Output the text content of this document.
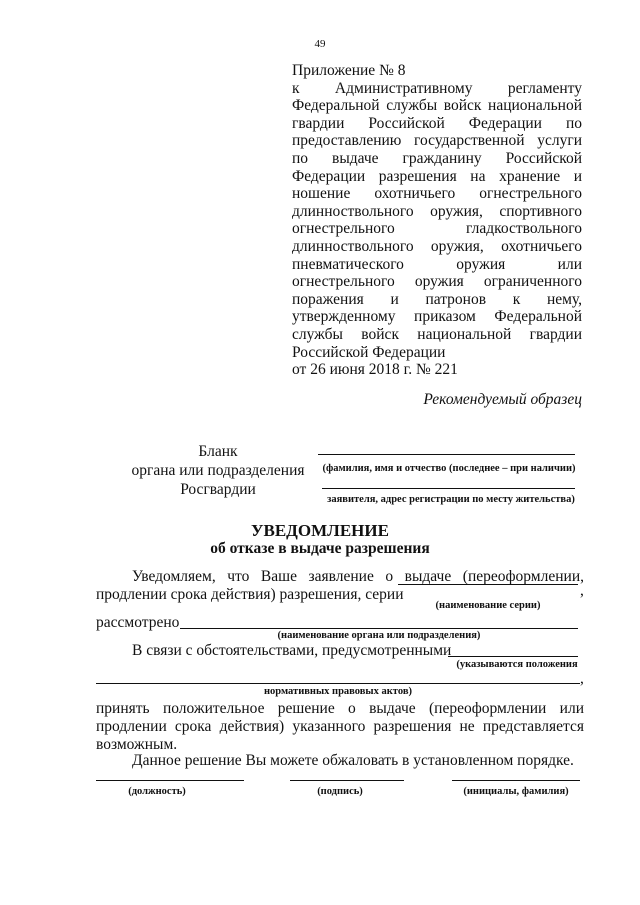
49
Приложение № 8
к Административному регламенту Федеральной службы войск национальной гвардии Российской Федерации по предоставлению государственной услуги по выдаче гражданину Российской Федерации разрешения на хранение и ношение охотничьего огнестрельного длинноствольного оружия, спортивного огнестрельного гладкоствольного длинноствольного оружия, охотничьего пневматического оружия или огнестрельного оружия ограниченного поражения и патронов к нему, утвержденному приказом Федеральной службы войск национальной гвардии Российской Федерации
от 26 июня 2018 г. № 221
Рекомендуемый образец
Бланк
органа или подразделения
Росгвардии
(фамилия, имя и отчество (последнее – при наличии)
заявителя, адрес регистрации по месту жительства)
УВЕДОМЛЕНИЕ
об отказе в выдаче разрешения
Уведомляем, что Ваше заявление о выдаче (переоформлении, продлении срока действия) разрешения, серии	,
(наименование серии)
рассмотрено
(наименование органа или подразделения)
В связи с обстоятельствами, предусмотренными
(указываются положения
,
нормативных правовых актов)
принять положительное решение о выдаче (переоформлении или продлении срока действия) указанного разрешения не представляется возможным.
Данное решение Вы можете обжаловать в установленном порядке.
(должность)	(подпись)	(инициалы, фамилия)
